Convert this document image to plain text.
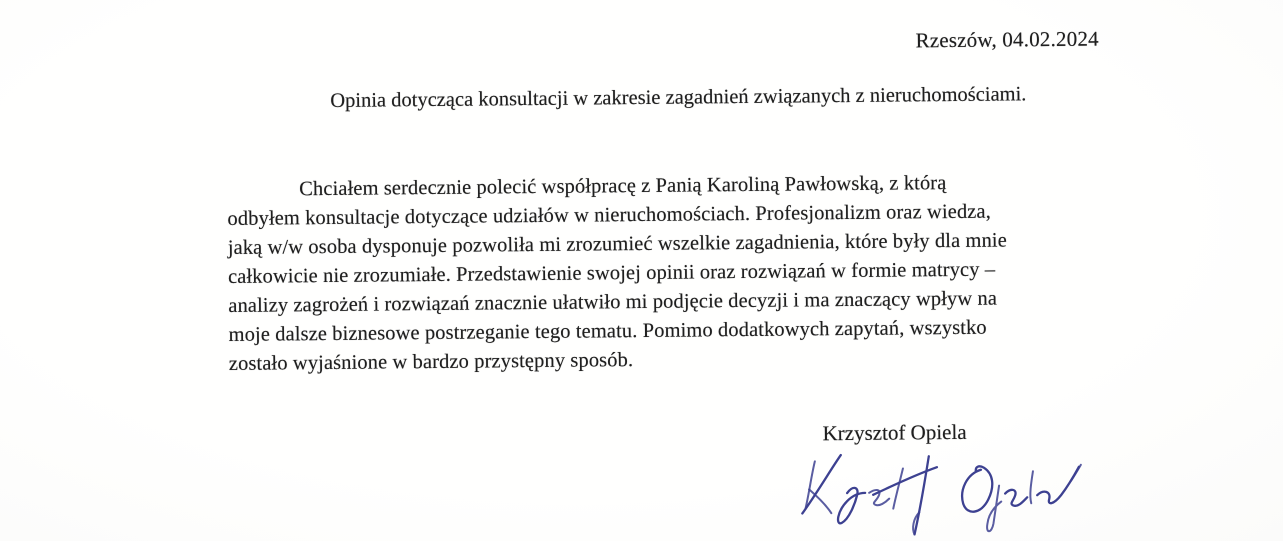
Rzeszów, 04.02.2024
Opinia dotycząca konsultacji w zakresie zagadnień związanych z nieruchomościami.
Chciałem serdecznie polecić współpracę z Panią Karoliną Pawłowską, z którą
odbyłem konsultacje dotyczące udziałów w nieruchomościach. Profesjonalizm oraz wiedza,
jaką w/w osoba dysponuje pozwoliła mi zrozumieć wszelkie zagadnienia, które były dla mnie
całkowicie nie zrozumiałe. Przedstawienie swojej opinii oraz rozwiązań w formie matrycy –
analizy zagrożeń i rozwiązań znacznie ułatwiło mi podjęcie decyzji i ma znaczący wpływ na
moje dalsze biznesowe postrzeganie tego tematu. Pomimo dodatkowych zapytań, wszystko
zostało wyjaśnione w bardzo przystępny sposób.
Krzysztof Opiela
